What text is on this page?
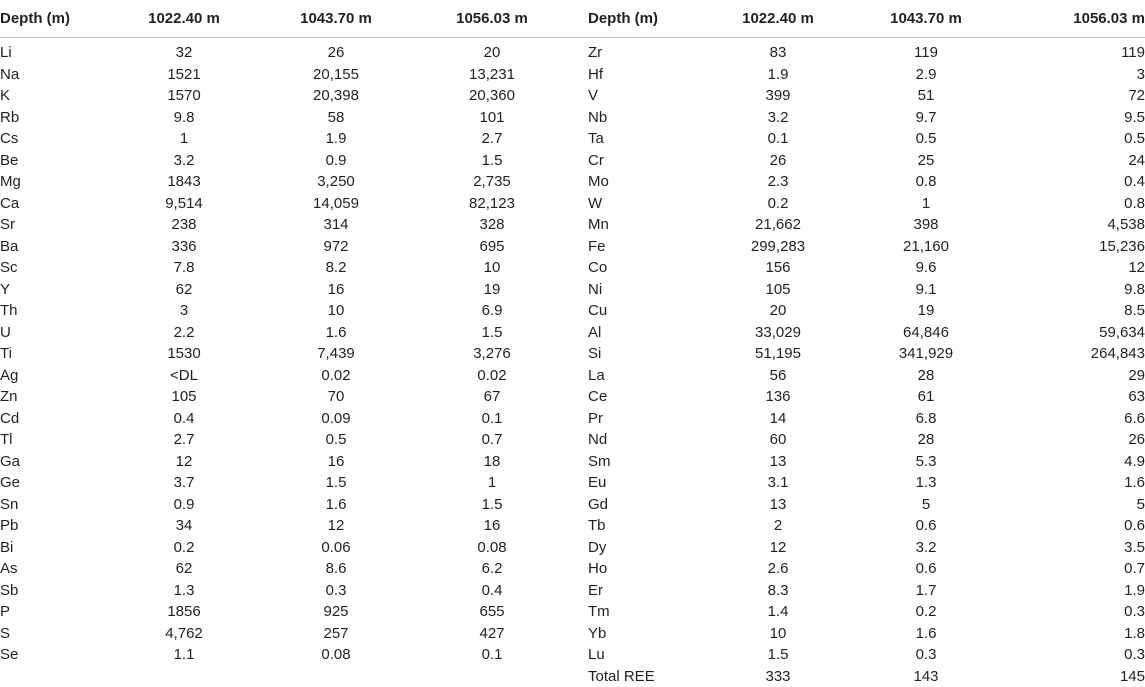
Depth (m)	1022.40 m	1043.70 m	1056.03 m	Depth (m)	1022.40 m	1043.70 m	1056.03 m
Li	32	26	20	Zr	83	119	119
Na	1521	20,155	13,231	Hf	1.9	2.9	3
K	1570	20,398	20,360	V	399	51	72
Rb	9.8	58	101	Nb	3.2	9.7	9.5
Cs	1	1.9	2.7	Ta	0.1	0.5	0.5
Be	3.2	0.9	1.5	Cr	26	25	24
Mg	1843	3,250	2,735	Mo	2.3	0.8	0.4
Ca	9,514	14,059	82,123	W	0.2	1	0.8
Sr	238	314	328	Mn	21,662	398	4,538
Ba	336	972	695	Fe	299,283	21,160	15,236
Sc	7.8	8.2	10	Co	156	9.6	12
Y	62	16	19	Ni	105	9.1	9.8
Th	3	10	6.9	Cu	20	19	8.5
U	2.2	1.6	1.5	Al	33,029	64,846	59,634
Ti	1530	7,439	3,276	Si	51,195	341,929	264,843
Ag	<DL	0.02	0.02	La	56	28	29
Zn	105	70	67	Ce	136	61	63
Cd	0.4	0.09	0.1	Pr	14	6.8	6.6
Tl	2.7	0.5	0.7	Nd	60	28	26
Ga	12	16	18	Sm	13	5.3	4.9
Ge	3.7	1.5	1	Eu	3.1	1.3	1.6
Sn	0.9	1.6	1.5	Gd	13	5	5
Pb	34	12	16	Tb	2	0.6	0.6
Bi	0.2	0.06	0.08	Dy	12	3.2	3.5
As	62	8.6	6.2	Ho	2.6	0.6	0.7
Sb	1.3	0.3	0.4	Er	8.3	1.7	1.9
P	1856	925	655	Tm	1.4	0.2	0.3
S	4,762	257	427	Yb	10	1.6	1.8
Se	1.1	0.08	0.1	Lu	1.5	0.3	0.3
				Total REE	333	143	145
